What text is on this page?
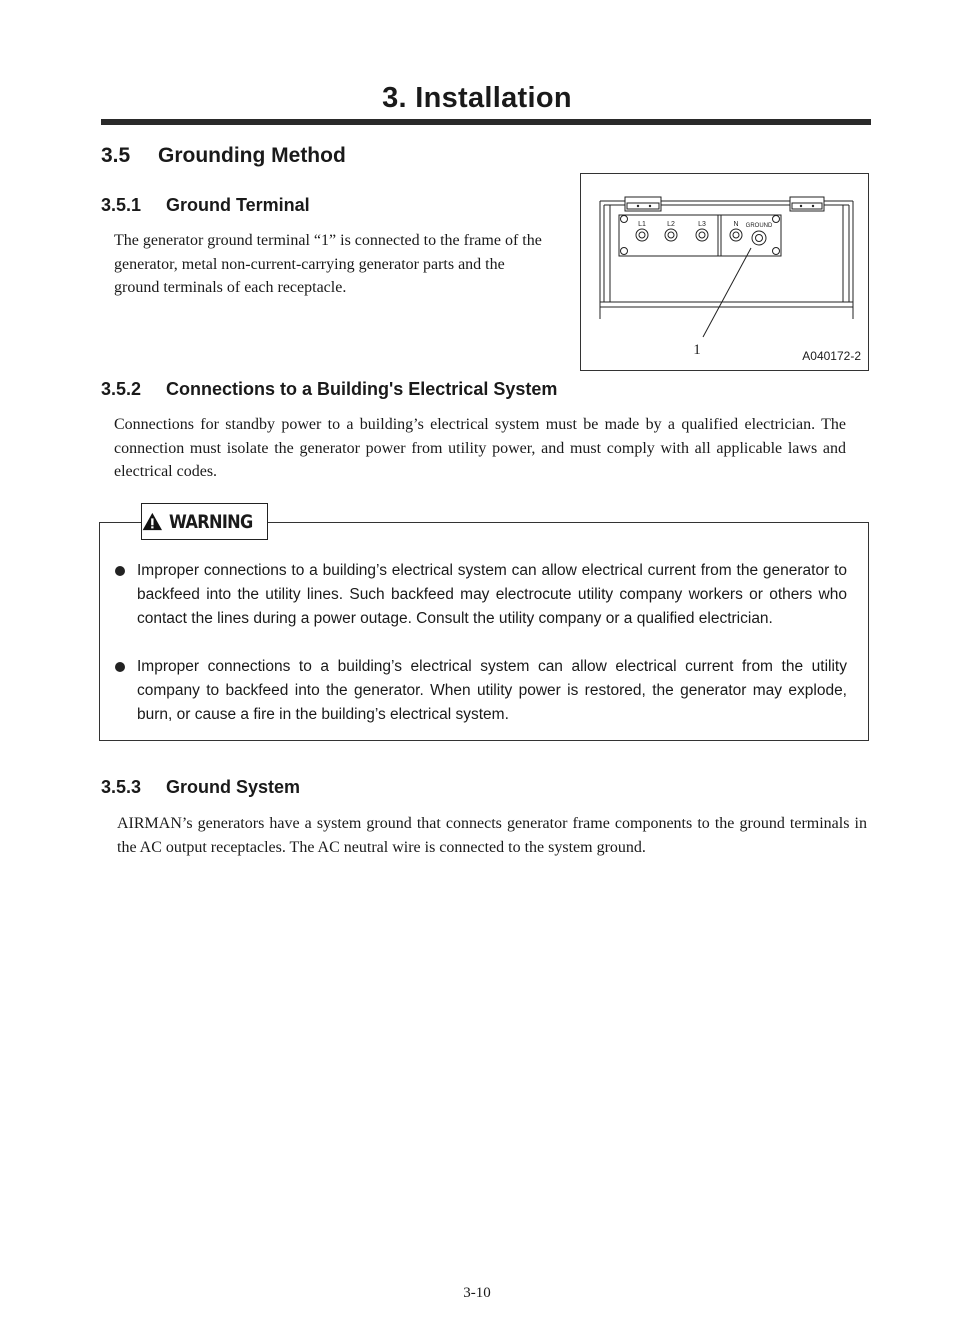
3. Installation
3.5 Grounding Method
3.5.1 Ground Terminal

The generator ground terminal “1” is connected to the frame of the generator, metal non-current-carrying generator parts and the ground terminals of each receptacle.

L1	L2	L3	N GROUND
1	A040172-2
3.5.2 Connections to a Building's Electrical System

Connections for standby power to a building’s electrical system must be made by a qualified electrician. The connection must isolate the generator power from utility power, and must comply with all applicable laws and electrical codes.

WARNING
Improper connections to a building’s electrical system can allow electrical current from the generator to backfeed into the utility lines. Such backfeed may electrocute utility company workers or others who contact the lines during a power outage. Consult the utility company or a qualified electrician.
Improper connections to a building’s electrical system can allow electrical current from the utility company to backfeed into the generator. When utility power is restored, the generator may explode, burn, or cause a fire in the building’s electrical system.
3.5.3 Ground System

AIRMAN’s generators have a system ground that connects generator frame components to the ground terminals in the AC output receptacles. The AC neutral wire is connected to the system ground.

3-10
